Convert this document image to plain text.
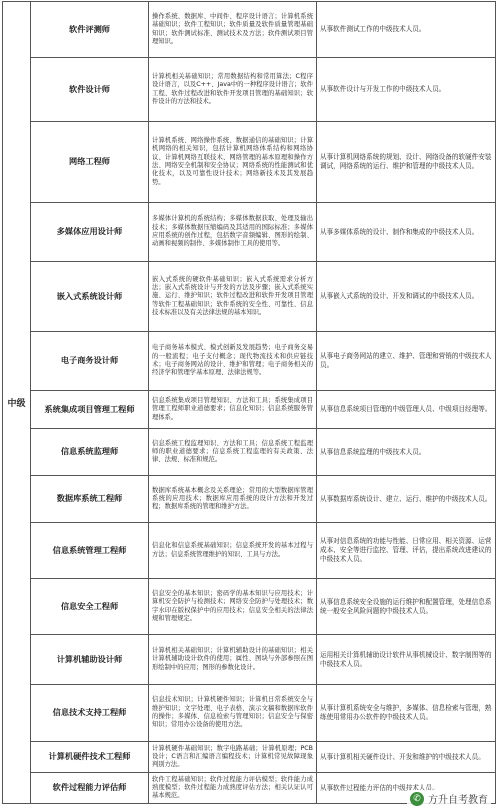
中级	软件评测师	操作系统、数据库、中间件、程序设计语言；计算机系统基础知识；软件工程知识；软件质量及软件质量管理基础知识；软件测试标准、测试技术及方法；软件测试项目管理知识。	从事软件测试工作的中级技术人员。
	软件设计师	计算机相关基础知识；常用数据结构和常用算法；C程序设计语言，以及C++、Java中的一种程序设计语言；软件工程、软件过程改进和软件开发项目管理的基础知识；软件设计的方法和技术。	从事软件设计与开发工作的中级技术人员。
	网络工程师	计算机系统、网络操作系统、数据通信的基础知识；计算机网络的相关知识，包括计算机网络体系结构和网络协议、计算机网络互联技术、网络管理的基本原理和操作方法、网络安全机制和安全协议；网络系统的性能测试和优化技术，以及可靠性设计技术；网络新技术及其发展趋势。	从事计算机网络系统的规划、设计、网络设备的软硬件安装调试，网络系统的运行、维护和管理的中级技术人员。
	多媒体应用设计师	多媒体计算机的系统结构；多媒体数据获取、处理及输出技术；多媒体数据压缩编码及其适用的国际标准；多媒体应用系统的创作过程，包括数字音频编辑、图形的绘制、动画和视频的制作、多媒体制作工具的使用等。	从事多媒体系统的设计、制作和集成的中级技术人员。
	嵌入式系统设计师	嵌入式系统的硬软件基础知识；嵌入式系统需求分析方法；嵌入式系统设计与开发的方法及步骤；嵌入式系统实施、运行、维护知识；软件过程改进和软件开发项目管理等软件工程基础知识；软件系统的安全性、可靠性、信息技术标准以及有关法律法规的基本知识。	从事嵌入式系统的设计、开发和调试的中级技术人员。
	电子商务设计师	电子商务基本模式、模式创新及发展趋势；电子商务交易的一般流程；电子支付概念；现代物流技术和供应链技术；电子商务网站的设计、维护和管理；电子商务相关的经济学和管理学基本原理、法律法规等。	从事电子商务网站的建立、维护、管理和营销的中级技术人员。
	系统集成项目管理工程师	信息系统集成项目管理知识、方法和工具；系统集成项目管理工程师职业道德要求；信息化知识；信息系统服务管理体系。	从事信息系统项目管理的中级管理人员、中级项目经理等。
	信息系统监理师	信息系统工程监理知识、方法和工具；信息系统工程监理师的职业道德要求；信息系统工程监理的有关政策、法律、法规、标准和规范。	从事信息系统监理的中级技术人员。
	数据库系统工程师	数据库系统基本概念及关系理论；常用的大型数据库管理系统的应用技术；数据库应用系统的设计方法和开发过程；数据库系统的管理和维护方法。	从事数据库系统设计、建立、运行、维护的中级技术人员。
	信息系统管理工程师	信息化和信息系统基础知识；信息系统开发的基本过程与方法；信息系统管理维护的知识、工具与方法。	从事对信息系统的功能与性能、日常应用、相关资源、运营成本、安全等进行监控、管理、评估，提出系统改进建议的中级技术人员。
	信息安全工程师	信息安全的基本知识；密码学的基本知识与应用技术；计算机安全防护与检测技术；网络安全防护与处理技术；数字水印在版权保护中的应用技术；信息安全相关的法律法规和管理规定。	从事信息系统安全设施的运行维护和配置管理，处理信息系统一般安全风险问题的中级技术人员。
	计算机辅助设计师	计算机相关基础知识；计算机辅助设计的基础知识；相关计算机辅助设计软件的使用；属性、图块与外部参照在图形绘制中的应用；图形的参数化设计。	运用相关计算机辅助设计软件从事机械设计、数字制图等的中级技术人员。
	信息技术支持工程师	信息技术知识；计算机硬件知识；计算机日常系统安全与维护知识；文字处理、电子表格、演示文稿和数据库软件的操作；多媒体、信息检索与管理知识；信息安全与保密知识；常用办公设备的使用方法。	从事计算机系统安全与维护，多媒体、信息检索与管理，熟练使用常用办公软件的中级技术人员。
	计算机硬件技术工程师	计算机硬件基础知识；数字电路基础；计算机原理；PCB设计；C语言和汇编语言编程技术；计算机常见故障现象判别方法。	从事计算机相关硬件设计、开发和维护的中级技术人员。
	软件过程能力评估师	软件工程基础知识；软件过程能力评估模型；软件能力成熟度模型；软件过程能力成熟度评估方法；相关认证认可基本规范。	从事软件过程能力评估的中级技术人员。
✆ 方升自考教育
